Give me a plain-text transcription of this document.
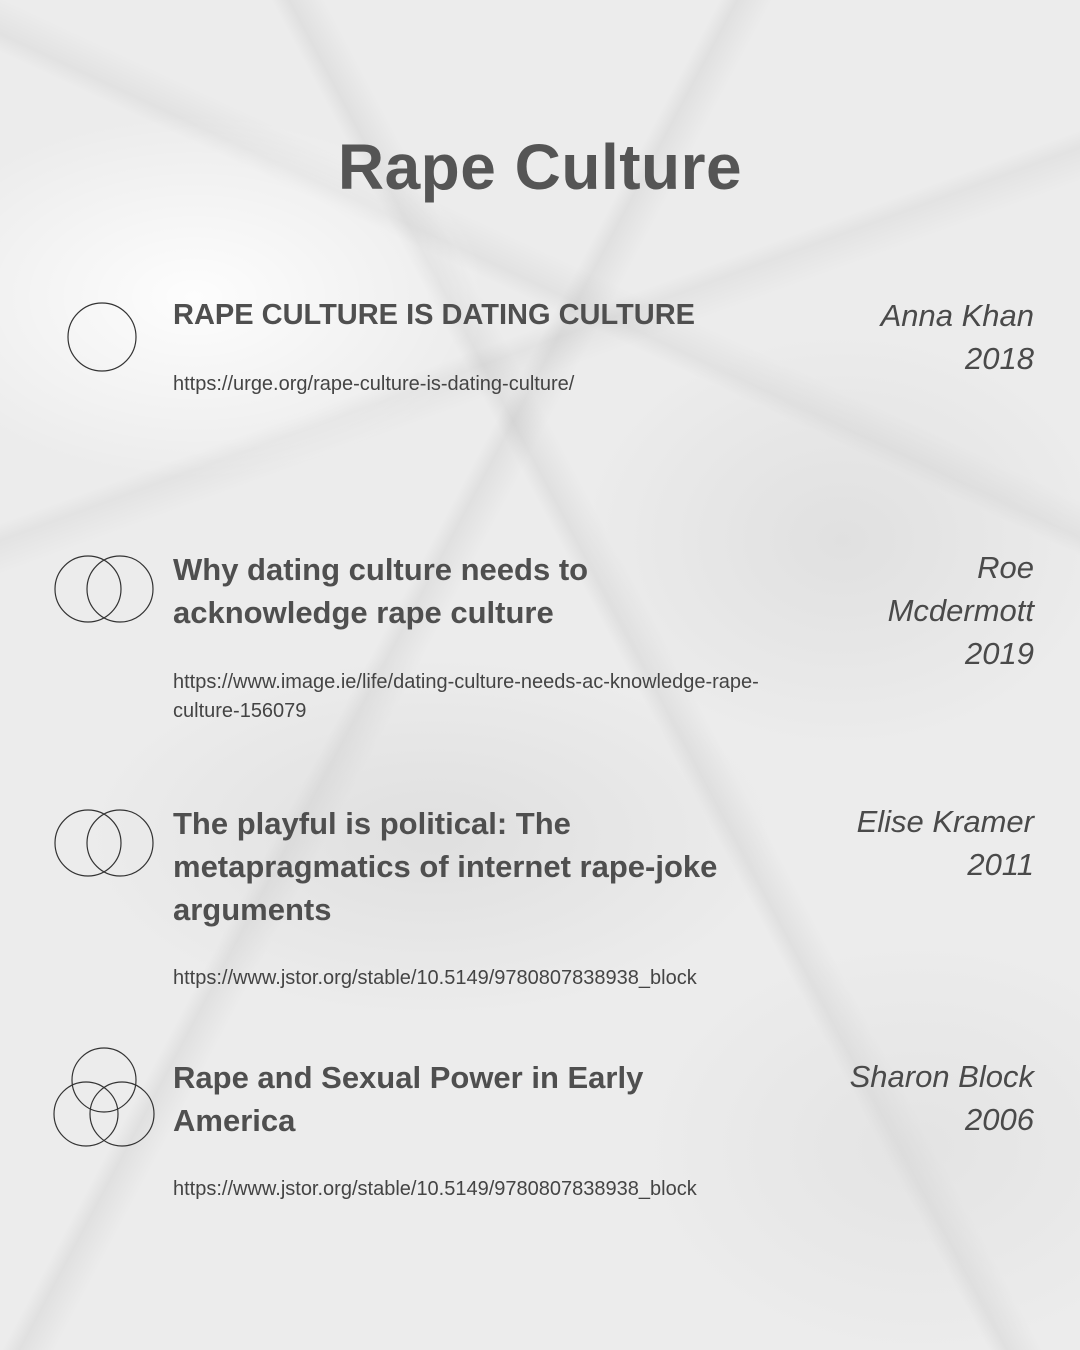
Rape Culture
RAPE CULTURE IS DATING CULTURE
https://urge.org/rape-culture-is-dating-culture/
Anna Khan
2018
Why dating culture needs to acknowledge rape culture
https://www.image.ie/life/dating-culture-needs-ac-knowledge-rape-culture-156079
Roe Mcdermott
2019
The playful is political: The metapragmatics of internet rape-joke arguments
https://www.jstor.org/stable/10.5149/9780807838938_block
Elise Kramer
2011
Rape and Sexual Power in Early America
https://www.jstor.org/stable/10.5149/9780807838938_block
Sharon Block
2006
